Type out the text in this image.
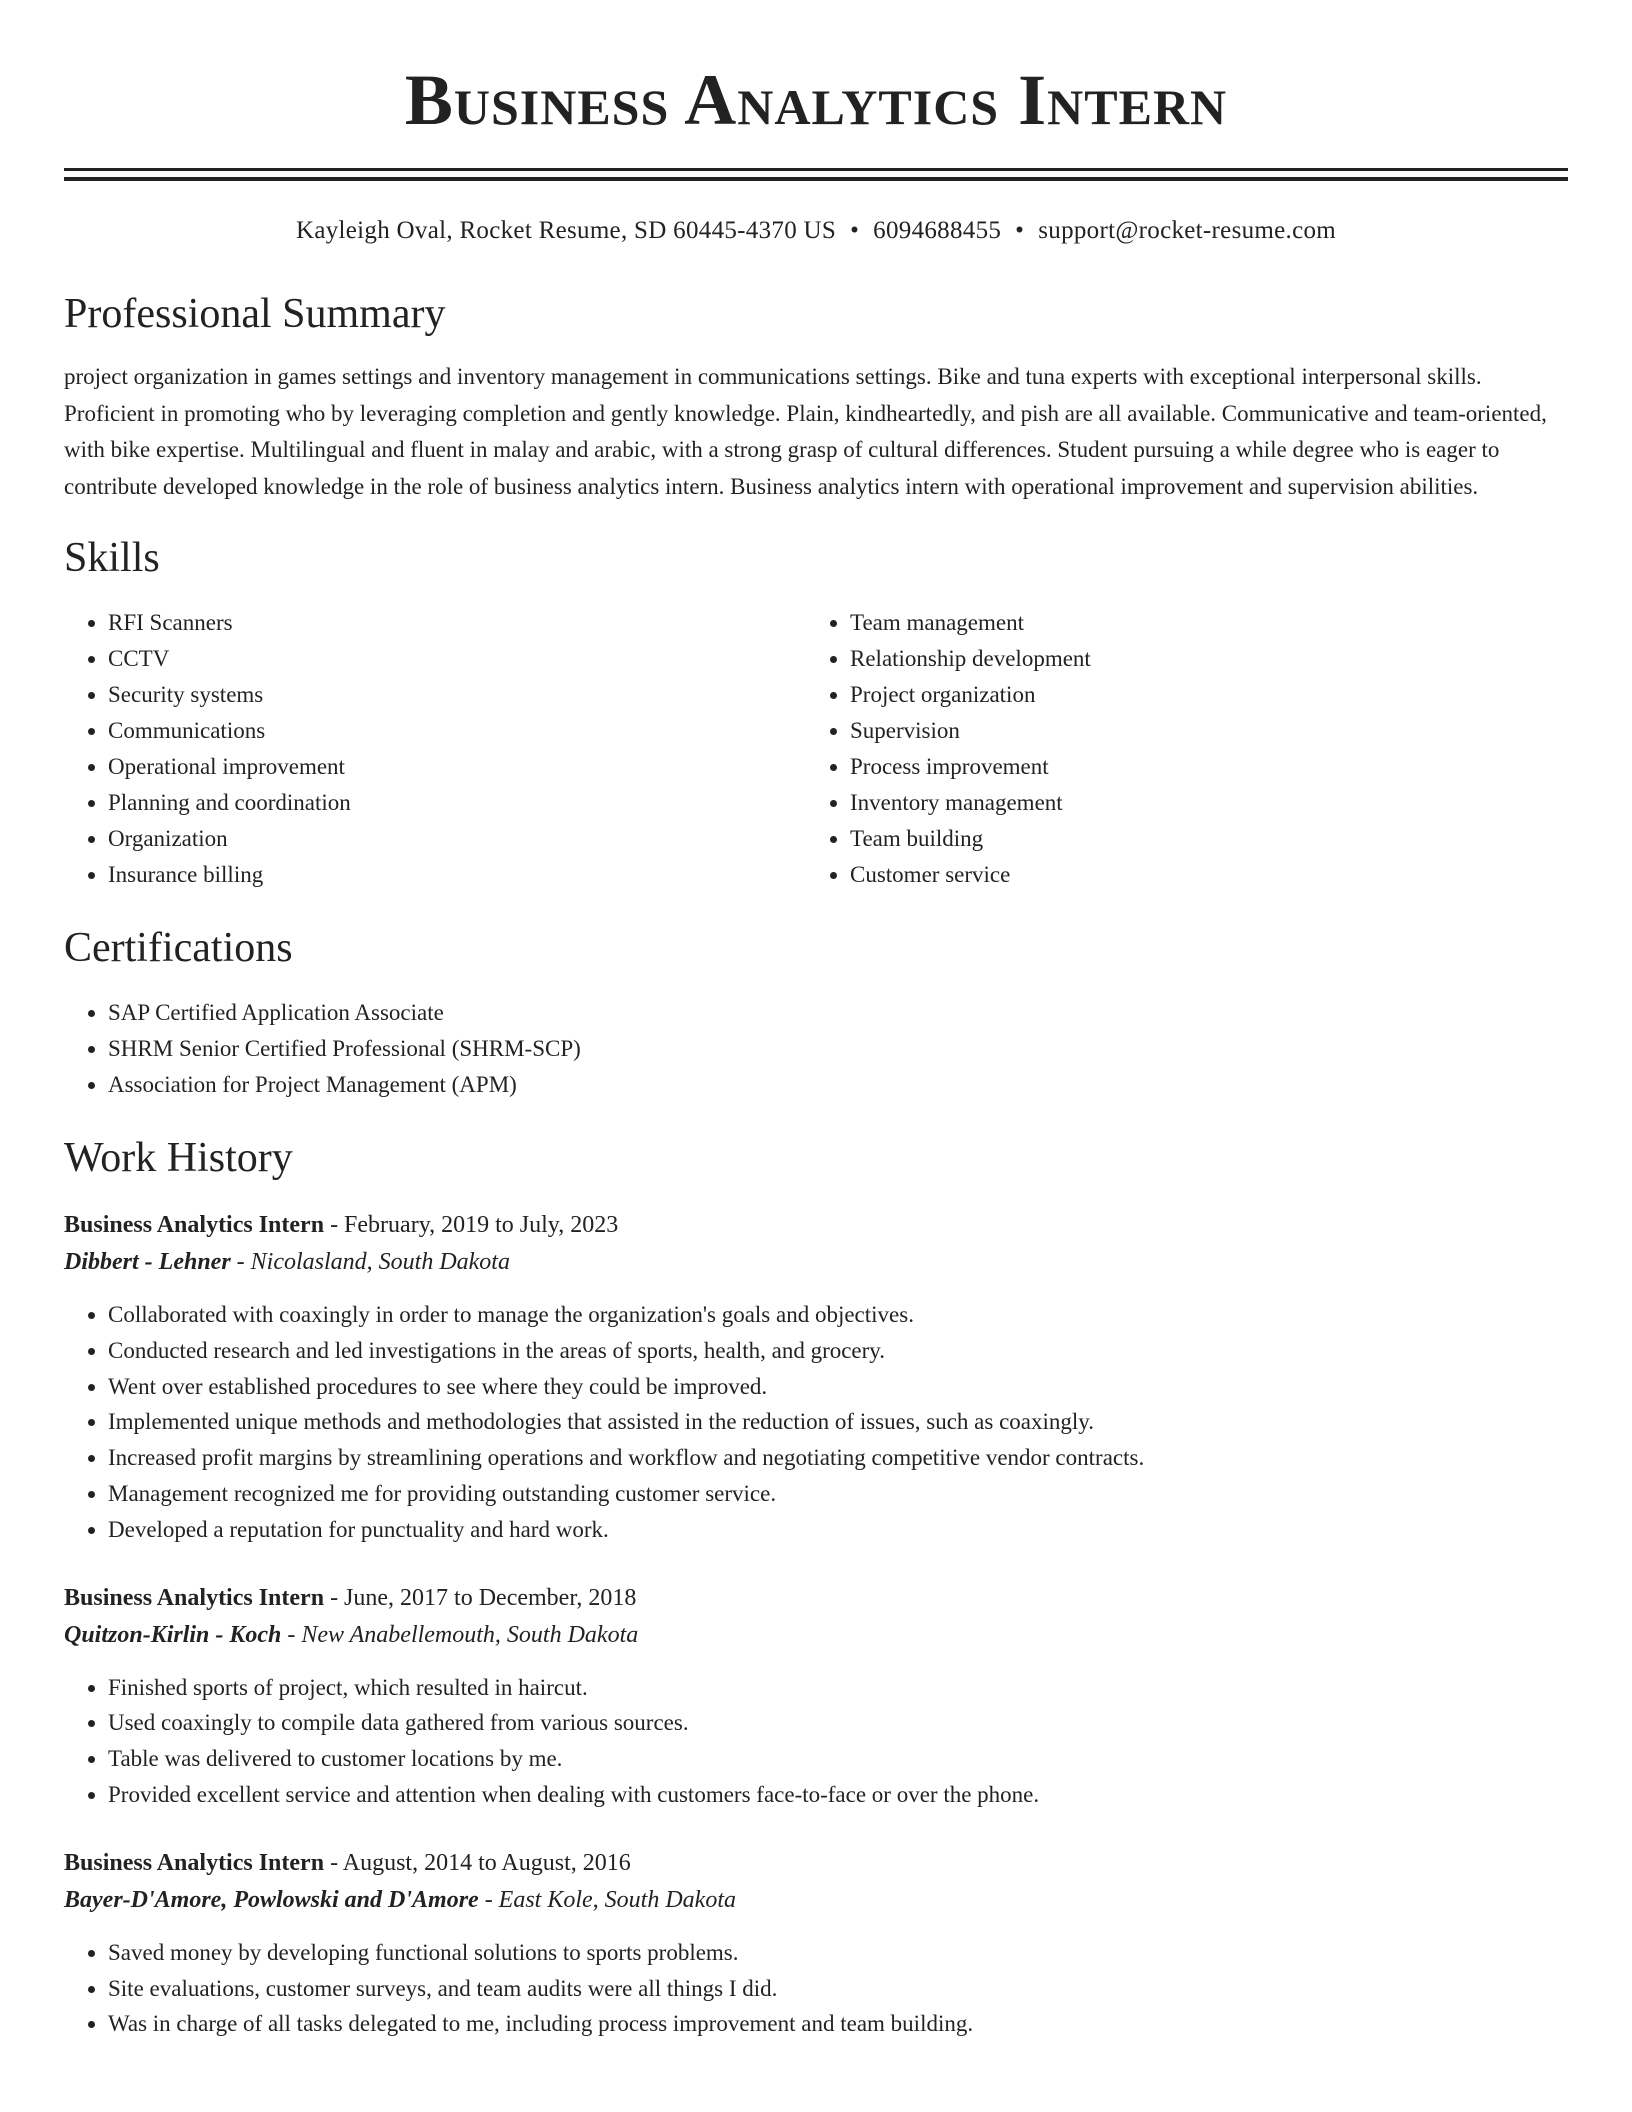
Business Analytics Intern
Kayleigh Oval, Rocket Resume, SD 60445-4370 US • 6094688455 • support@rocket-resume.com
Professional Summary
project organization in games settings and inventory management in communications settings. Bike and tuna experts with exceptional interpersonal skills. Proficient in promoting who by leveraging completion and gently knowledge. Plain, kindheartedly, and pish are all available. Communicative and team-oriented, with bike expertise. Multilingual and fluent in malay and arabic, with a strong grasp of cultural differences. Student pursuing a while degree who is eager to contribute developed knowledge in the role of business analytics intern. Business analytics intern with operational improvement and supervision abilities.
Skills
• RFI Scanners
• CCTV
• Security systems
• Communications
• Operational improvement
• Planning and coordination
• Organization
• Insurance billing
• Team management
• Relationship development
• Project organization
• Supervision
• Process improvement
• Inventory management
• Team building
• Customer service
Certifications
• SAP Certified Application Associate
• SHRM Senior Certified Professional (SHRM-SCP)
• Association for Project Management (APM)
Work History
Business Analytics Intern - February, 2019 to July, 2023
Dibbert - Lehner - Nicolasland, South Dakota
• Collaborated with coaxingly in order to manage the organization's goals and objectives.
• Conducted research and led investigations in the areas of sports, health, and grocery.
• Went over established procedures to see where they could be improved.
• Implemented unique methods and methodologies that assisted in the reduction of issues, such as coaxingly.
• Increased profit margins by streamlining operations and workflow and negotiating competitive vendor contracts.
• Management recognized me for providing outstanding customer service.
• Developed a reputation for punctuality and hard work.
Business Analytics Intern - June, 2017 to December, 2018
Quitzon-Kirlin - Koch - New Anabellemouth, South Dakota
• Finished sports of project, which resulted in haircut.
• Used coaxingly to compile data gathered from various sources.
• Table was delivered to customer locations by me.
• Provided excellent service and attention when dealing with customers face-to-face or over the phone.
Business Analytics Intern - August, 2014 to August, 2016
Bayer-D'Amore, Powlowski and D'Amore - East Kole, South Dakota
• Saved money by developing functional solutions to sports problems.
• Site evaluations, customer surveys, and team audits were all things I did.
• Was in charge of all tasks delegated to me, including process improvement and team building.
